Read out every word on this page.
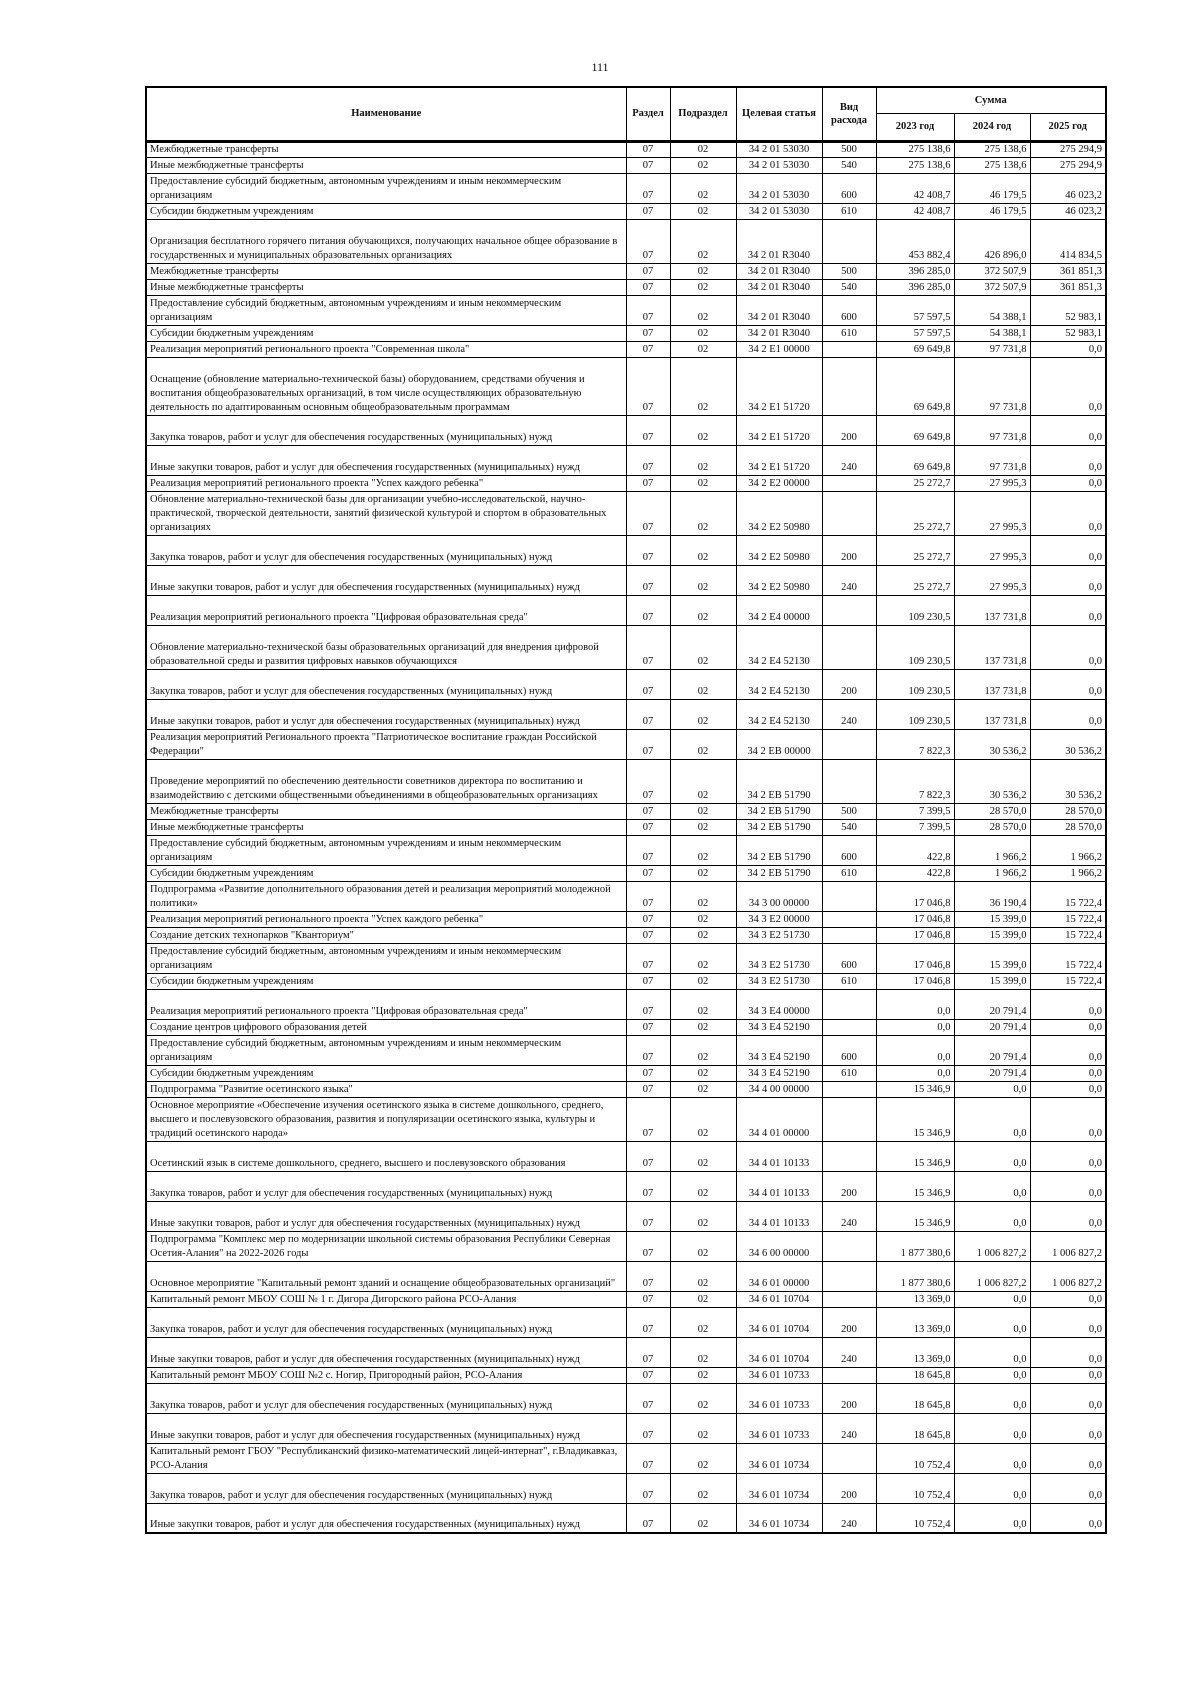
111
Наименование	Раздел	Подраздел	Целевая статья	Вид расхода	Сумма		
					2023 год	2024 год	2025 год
Межбюджетные трансферты	07	02	34 2 01 53030	500	275 138,6	275 138,6	275 294,9
Иные межбюджетные трансферты	07	02	34 2 01 53030	540	275 138,6	275 138,6	275 294,9
Предоставление субсидий бюджетным, автономным учреждениям и иным некоммерческим организациям	07	02	34 2 01 53030	600	42 408,7	46 179,5	46 023,2
Субсидии бюджетным учреждениям	07	02	34 2 01 53030	610	42 408,7	46 179,5	46 023,2
Организация бесплатного горячего питания обучающихся, получающих начальное общее образование в государственных и муниципальных образовательных организациях	07	02	34 2 01 R3040		453 882,4	426 896,0	414 834,5
Межбюджетные трансферты	07	02	34 2 01 R3040	500	396 285,0	372 507,9	361 851,3
Иные межбюджетные трансферты	07	02	34 2 01 R3040	540	396 285,0	372 507,9	361 851,3
Предоставление субсидий бюджетным, автономным учреждениям и иным некоммерческим организациям	07	02	34 2 01 R3040	600	57 597,5	54 388,1	52 983,1
Субсидии бюджетным учреждениям	07	02	34 2 01 R3040	610	57 597,5	54 388,1	52 983,1
Реализация мероприятий регионального проекта "Современная школа"	07	02	34 2 E1 00000		69 649,8	97 731,8	0,0
Оснащение (обновление материально-технической базы) оборудованием, средствами обучения и воспитания общеобразовательных организаций, в том числе осуществляющих образовательную деятельность по адаптированным основным общеобразовательным программам	07	02	34 2 E1 51720		69 649,8	97 731,8	0,0
Закупка товаров, работ и услуг для обеспечения государственных (муниципальных) нужд	07	02	34 2 E1 51720	200	69 649,8	97 731,8	0,0
Иные закупки товаров, работ и услуг для обеспечения государственных (муниципальных) нужд	07	02	34 2 E1 51720	240	69 649,8	97 731,8	0,0
Реализация мероприятий регионального проекта "Успех каждого ребенка"	07	02	34 2 E2 00000		25 272,7	27 995,3	0,0
Обновление материально-технической базы для организации учебно-исследовательской, научно-практической, творческой деятельности, занятий физической культурой и спортом в образовательных организациях	07	02	34 2 E2 50980		25 272,7	27 995,3	0,0
Закупка товаров, работ и услуг для обеспечения государственных (муниципальных) нужд	07	02	34 2 E2 50980	200	25 272,7	27 995,3	0,0
Иные закупки товаров, работ и услуг для обеспечения государственных (муниципальных) нужд	07	02	34 2 E2 50980	240	25 272,7	27 995,3	0,0
Реализация мероприятий регионального проекта "Цифровая образовательная среда"	07	02	34 2 E4 00000		109 230,5	137 731,8	0,0
Обновление материально-технической базы образовательных организаций для внедрения цифровой образовательной среды и развития цифровых навыков обучающихся	07	02	34 2 E4 52130		109 230,5	137 731,8	0,0
Закупка товаров, работ и услуг для обеспечения государственных (муниципальных) нужд	07	02	34 2 E4 52130	200	109 230,5	137 731,8	0,0
Иные закупки товаров, работ и услуг для обеспечения государственных (муниципальных) нужд	07	02	34 2 E4 52130	240	109 230,5	137 731,8	0,0
Реализация мероприятий Регионального проекта "Патриотическое воспитание граждан Российской Федерации"	07	02	34 2 EB 00000		7 822,3	30 536,2	30 536,2
Проведение мероприятий по обеспечению деятельности советников директора по воспитанию и взаимодействию с детскими общественными объединениями в общеобразовательных организациях	07	02	34 2 EB 51790		7 822,3	30 536,2	30 536,2
Межбюджетные трансферты	07	02	34 2 EB 51790	500	7 399,5	28 570,0	28 570,0
Иные межбюджетные трансферты	07	02	34 2 EB 51790	540	7 399,5	28 570,0	28 570,0
Предоставление субсидий бюджетным, автономным учреждениям и иным некоммерческим организациям	07	02	34 2 EB 51790	600	422,8	1 966,2	1 966,2
Субсидии бюджетным учреждениям	07	02	34 2 EB 51790	610	422,8	1 966,2	1 966,2
Подпрограмма «Развитие дополнительного образования детей и реализация мероприятий молодежной политики»	07	02	34 3 00 00000		17 046,8	36 190,4	15 722,4
Реализация мероприятий регионального проекта "Успех каждого ребенка"	07	02	34 3 E2 00000		17 046,8	15 399,0	15 722,4
Создание детских технопарков "Кванториум"	07	02	34 3 E2 51730		17 046,8	15 399,0	15 722,4
Предоставление субсидий бюджетным, автономным учреждениям и иным некоммерческим организациям	07	02	34 3 E2 51730	600	17 046,8	15 399,0	15 722,4
Субсидии бюджетным учреждениям	07	02	34 3 E2 51730	610	17 046,8	15 399,0	15 722,4
Реализация мероприятий регионального проекта "Цифровая образовательная среда"	07	02	34 3 E4 00000		0,0	20 791,4	0,0
Создание центров цифрового образования детей	07	02	34 3 E4 52190		0,0	20 791,4	0,0
Предоставление субсидий бюджетным, автономным учреждениям и иным некоммерческим организациям	07	02	34 3 E4 52190	600	0,0	20 791,4	0,0
Субсидии бюджетным учреждениям	07	02	34 3 E4 52190	610	0,0	20 791,4	0,0
Подпрограмма "Развитие осетинского языка"	07	02	34 4 00 00000		15 346,9	0,0	0,0
Основное мероприятие «Обеспечение изучения осетинского языка в системе дошкольного, среднего, высшего и послевузовского образования, развития и популяризации осетинского языка, культуры и традиций осетинского народа»	07	02	34 4 01 00000		15 346,9	0,0	0,0
Осетинский язык в системе дошкольного, среднего, высшего и послевузовского образования	07	02	34 4 01 10133		15 346,9	0,0	0,0
Закупка товаров, работ и услуг для обеспечения государственных (муниципальных) нужд	07	02	34 4 01 10133	200	15 346,9	0,0	0,0
Иные закупки товаров, работ и услуг для обеспечения государственных (муниципальных) нужд	07	02	34 4 01 10133	240	15 346,9	0,0	0,0
Подпрограмма "Комплекс мер по модернизации школьной системы образования Республики Северная Осетия-Алания" на 2022-2026 годы	07	02	34 6 00 00000		1 877 380,6	1 006 827,2	1 006 827,2
Основное мероприятие "Капитальный ремонт зданий и оснащение общеобразовательных организаций"	07	02	34 6 01 00000		1 877 380,6	1 006 827,2	1 006 827,2
Капитальный ремонт МБОУ СОШ № 1 г. Дигора Дигорского района РСО-Алания	07	02	34 6 01 10704		13 369,0	0,0	0,0
Закупка товаров, работ и услуг для обеспечения государственных (муниципальных) нужд	07	02	34 6 01 10704	200	13 369,0	0,0	0,0
Иные закупки товаров, работ и услуг для обеспечения государственных (муниципальных) нужд	07	02	34 6 01 10704	240	13 369,0	0,0	0,0
Капитальный ремонт МБОУ СОШ №2 с. Ногир, Пригородный район, РСО-Алания	07	02	34 6 01 10733		18 645,8	0,0	0,0
Закупка товаров, работ и услуг для обеспечения государственных (муниципальных) нужд	07	02	34 6 01 10733	200	18 645,8	0,0	0,0
Иные закупки товаров, работ и услуг для обеспечения государственных (муниципальных) нужд	07	02	34 6 01 10733	240	18 645,8	0,0	0,0
Капитальный ремонт ГБОУ "Республиканский физико-математический лицей-интернат", г.Владикавказ, РСО-Алания	07	02	34 6 01 10734		10 752,4	0,0	0,0
Закупка товаров, работ и услуг для обеспечения государственных (муниципальных) нужд	07	02	34 6 01 10734	200	10 752,4	0,0	0,0
Иные закупки товаров, работ и услуг для обеспечения государственных (муниципальных) нужд	07	02	34 6 01 10734	240	10 752,4	0,0	0,0
